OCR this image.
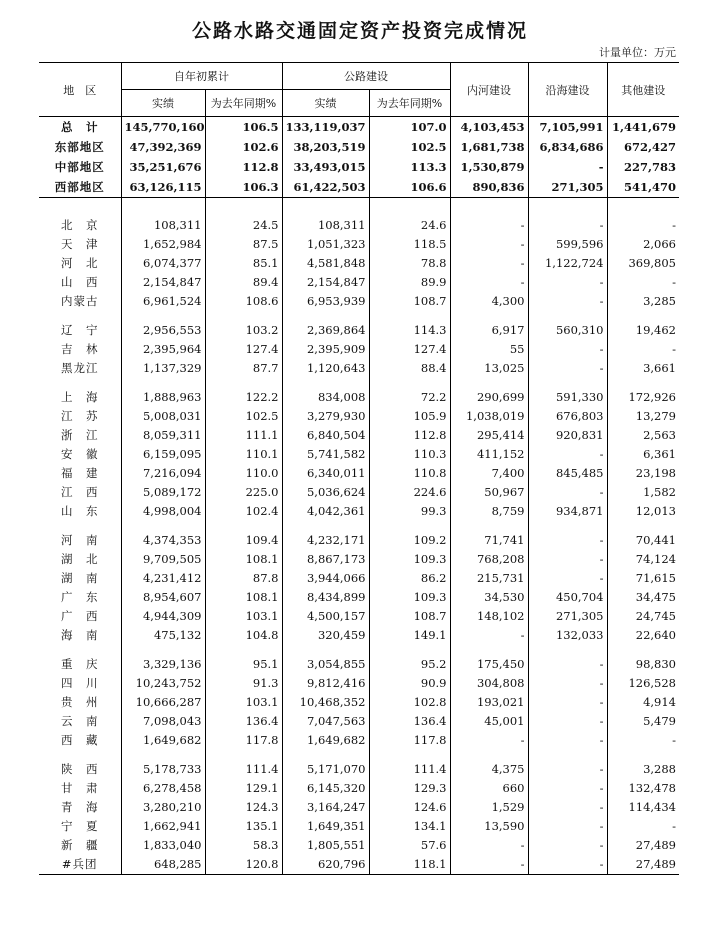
公路水路交通固定资产投资完成情况
计量单位：万元
地　区	自年初累计		公路建设		内河建设	沿海建设	其他建设
	实绩	为去年同期%	实绩	为去年同期%			
总　计	145,770,160	106.5	133,119,037	107.0	4,103,453	7,105,991	1,441,679
东部地区	47,392,369	102.6	38,203,519	102.5	1,681,738	6,834,686	672,427
中部地区	35,251,676	112.8	33,493,015	113.3	1,530,879	-	227,783
西部地区	63,126,115	106.3	61,422,503	106.6	890,836	271,305	541,470

北　京	108,311	24.5	108,311	24.6	-	-	-
天　津	1,652,984	87.5	1,051,323	118.5	-	599,596	2,066
河　北	6,074,377	85.1	4,581,848	78.8	-	1,122,724	369,805
山　西	2,154,847	89.4	2,154,847	89.9	-	-	-
内蒙古	6,961,524	108.6	6,953,939	108.7	4,300	-	3,285

辽　宁	2,956,553	103.2	2,369,864	114.3	6,917	560,310	19,462
吉　林	2,395,964	127.4	2,395,909	127.4	55	-	-
黑龙江	1,137,329	87.7	1,120,643	88.4	13,025	-	3,661

上　海	1,888,963	122.2	834,008	72.2	290,699	591,330	172,926
江　苏	5,008,031	102.5	3,279,930	105.9	1,038,019	676,803	13,279
浙　江	8,059,311	111.1	6,840,504	112.8	295,414	920,831	2,563
安　徽	6,159,095	110.1	5,741,582	110.3	411,152	-	6,361
福　建	7,216,094	110.0	6,340,011	110.8	7,400	845,485	23,198
江　西	5,089,172	225.0	5,036,624	224.6	50,967	-	1,582
山　东	4,998,004	102.4	4,042,361	99.3	8,759	934,871	12,013

河　南	4,374,353	109.4	4,232,171	109.2	71,741	-	70,441
湖　北	9,709,505	108.1	8,867,173	109.3	768,208	-	74,124
湖　南	4,231,412	87.8	3,944,066	86.2	215,731	-	71,615
广　东	8,954,607	108.1	8,434,899	109.3	34,530	450,704	34,475
广　西	4,944,309	103.1	4,500,157	108.7	148,102	271,305	24,745
海　南	475,132	104.8	320,459	149.1	-	132,033	22,640

重　庆	3,329,136	95.1	3,054,855	95.2	175,450	-	98,830
四　川	10,243,752	91.3	9,812,416	90.9	304,808	-	126,528
贵　州	10,666,287	103.1	10,468,352	102.8	193,021	-	4,914
云　南	7,098,043	136.4	7,047,563	136.4	45,001	-	5,479
西　藏	1,649,682	117.8	1,649,682	117.8	-	-	-

陕　西	5,178,733	111.4	5,171,070	111.4	4,375	-	3,288
甘　肃	6,278,458	129.1	6,145,320	129.3	660	-	132,478
青　海	3,280,210	124.3	3,164,247	124.6	1,529	-	114,434
宁　夏	1,662,941	135.1	1,649,351	134.1	13,590	-	-
新　疆	1,833,040	58.3	1,805,551	57.6	-	-	27,489
#兵团	648,285	120.8	620,796	118.1	-	-	27,489
